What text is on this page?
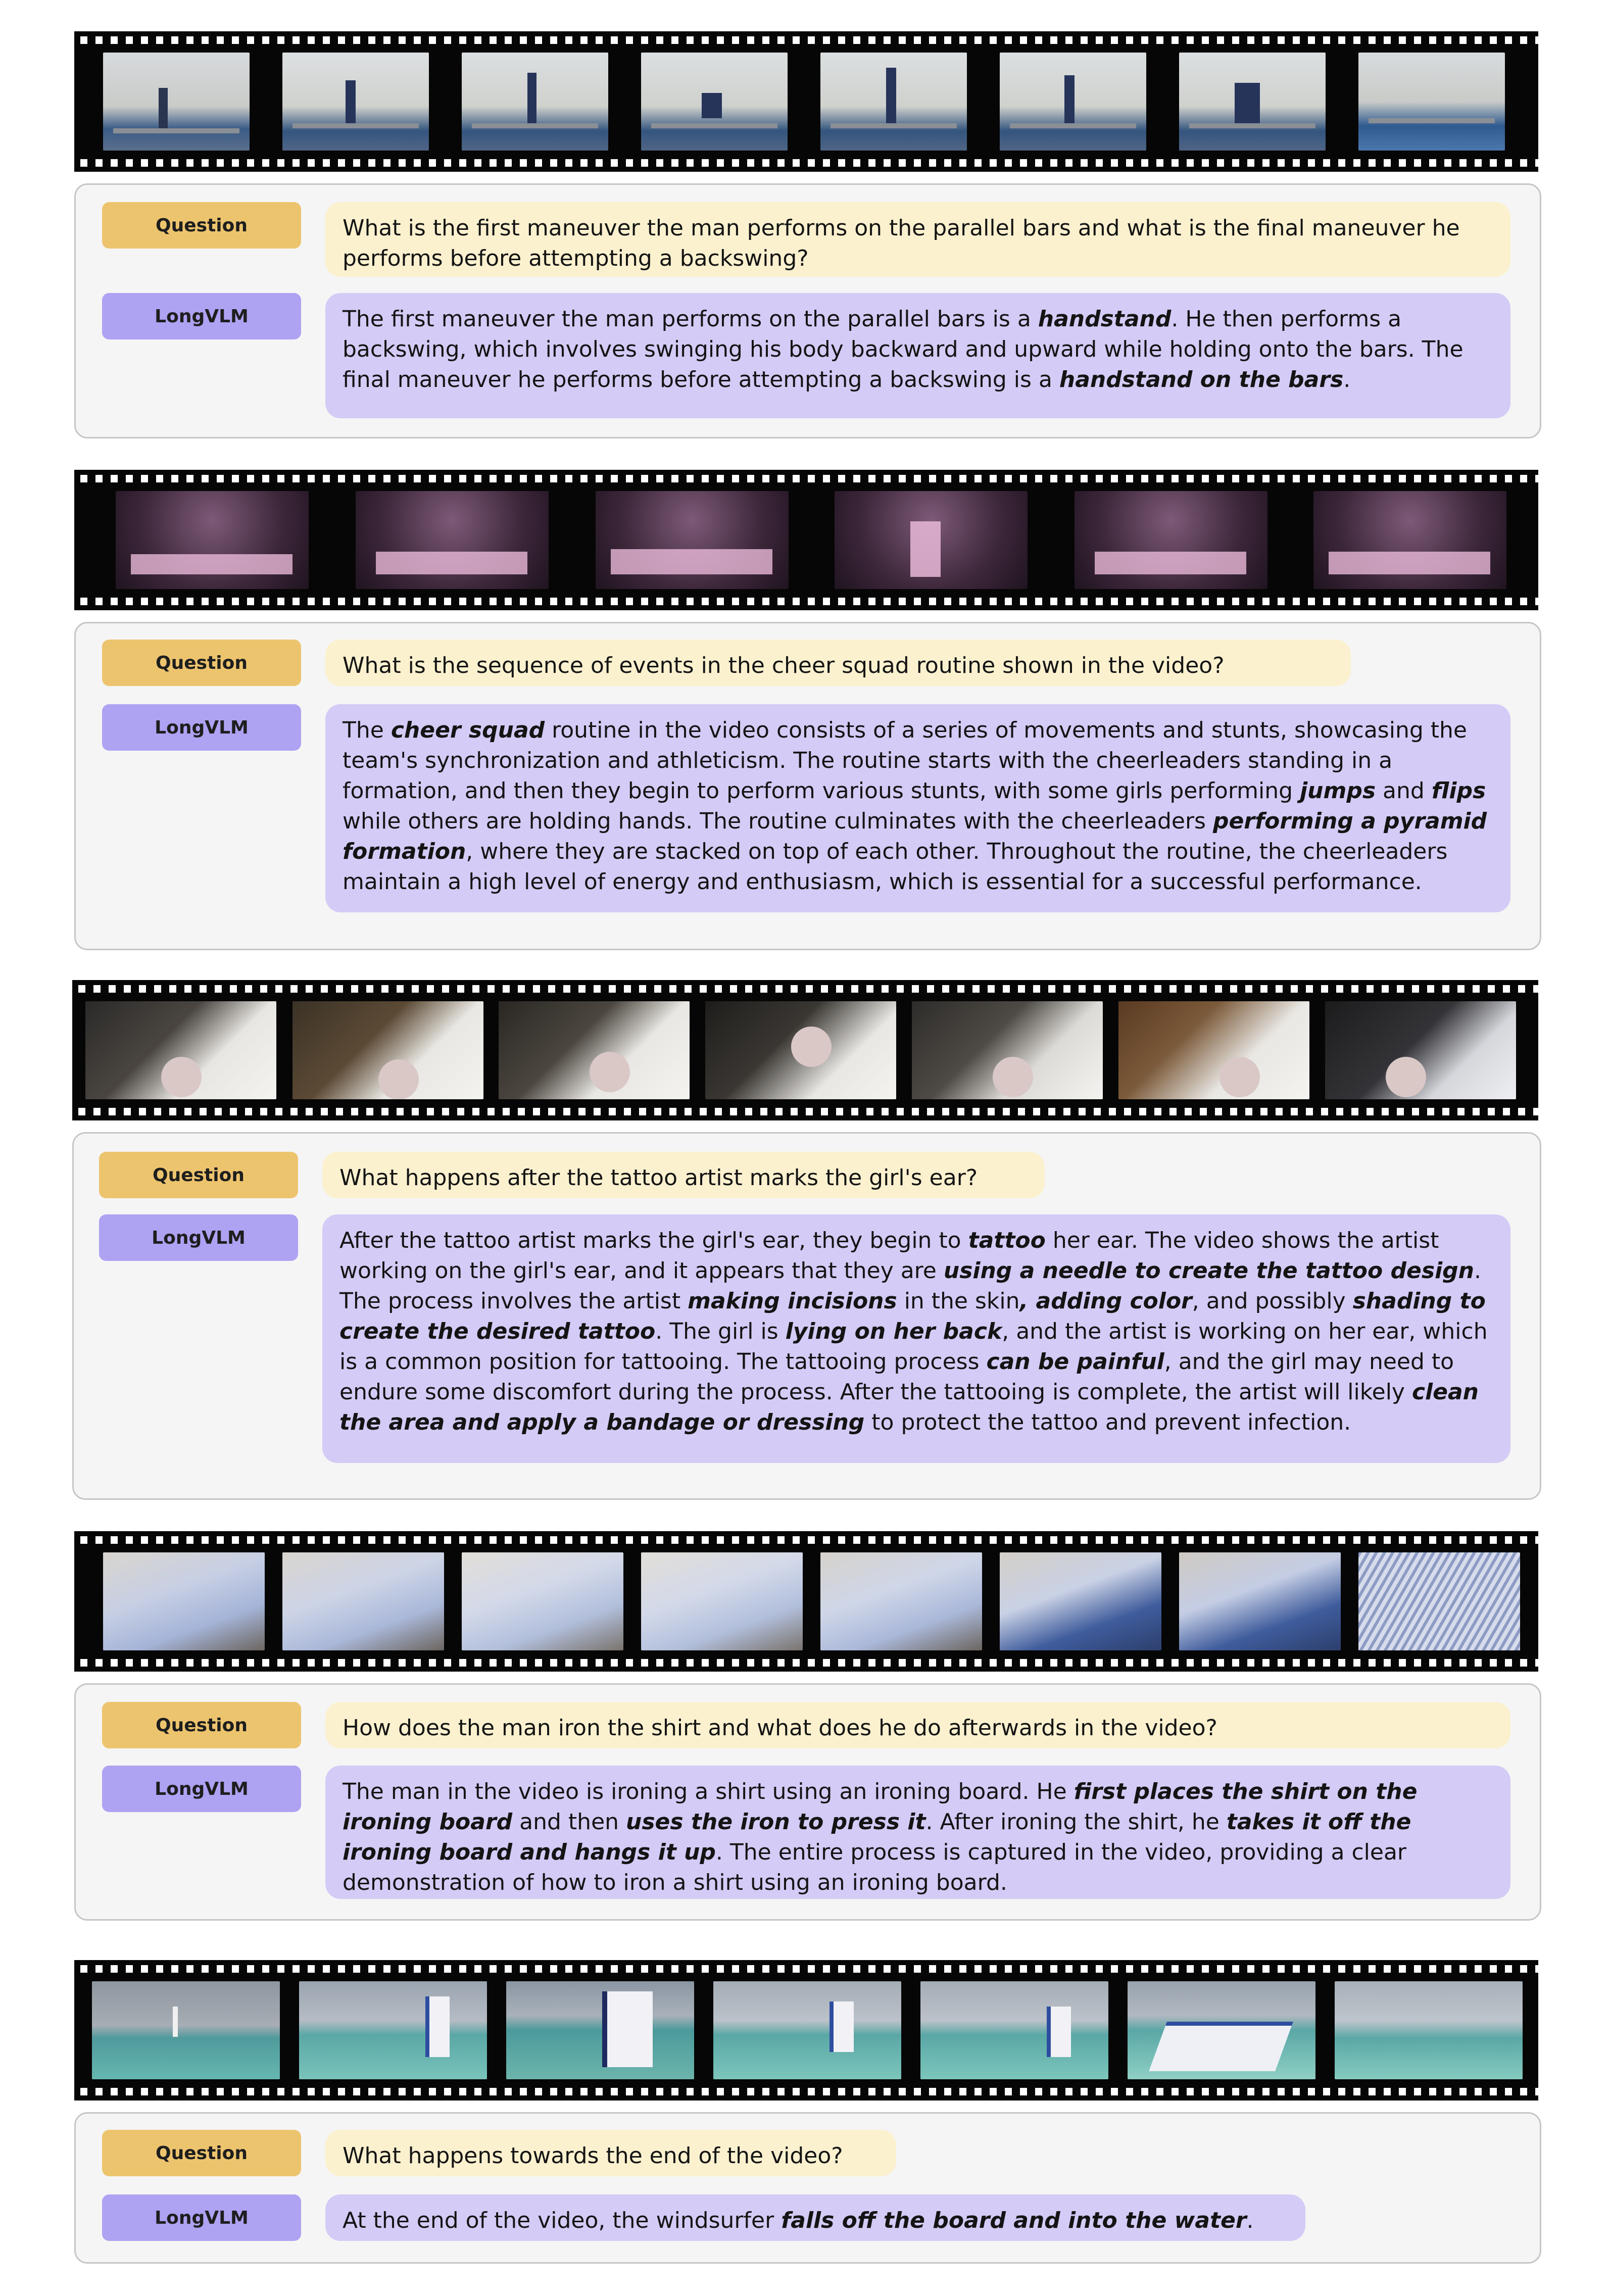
Question	What is the first maneuver the man performs on the parallel bars and what is the final maneuver he performs before attempting a backswing?
LongVLM	The first maneuver the man performs on the parallel bars is a handstand. He then performs a backswing, which involves swinging his body backward and upward while holding onto the bars. The final maneuver he performs before attempting a backswing is a handstand on the bars.
Question	What is the sequence of events in the cheer squad routine shown in the video?
LongVLM	The cheer squad routine in the video consists of a series of movements and stunts, showcasing the team's synchronization and athleticism. The routine starts with the cheerleaders standing in a formation, and then they begin to perform various stunts, with some girls performing jumps and flips while others are holding hands. The routine culminates with the cheerleaders performing a pyramid formation, where they are stacked on top of each other. Throughout the routine, the cheerleaders maintain a high level of energy and enthusiasm, which is essential for a successful performance.
Question	What happens after the tattoo artist marks the girl's ear?
LongVLM	After the tattoo artist marks the girl's ear, they begin to tattoo her ear. The video shows the artist working on the girl's ear, and it appears that they are using a needle to create the tattoo design. The process involves the artist making incisions in the skin, adding color, and possibly shading to create the desired tattoo. The girl is lying on her back, and the artist is working on her ear, which is a common position for tattooing. The tattooing process can be painful, and the girl may need to endure some discomfort during the process. After the tattooing is complete, the artist will likely clean the area and apply a bandage or dressing to protect the tattoo and prevent infection.
Question	How does the man iron the shirt and what does he do afterwards in the video?
LongVLM	The man in the video is ironing a shirt using an ironing board. He first places the shirt on the ironing board and then uses the iron to press it. After ironing the shirt, he takes it off the ironing board and hangs it up. The entire process is captured in the video, providing a clear demonstration of how to iron a shirt using an ironing board.
Question	What happens towards the end of the video?
LongVLM	At the end of the video, the windsurfer falls off the board and into the water.
